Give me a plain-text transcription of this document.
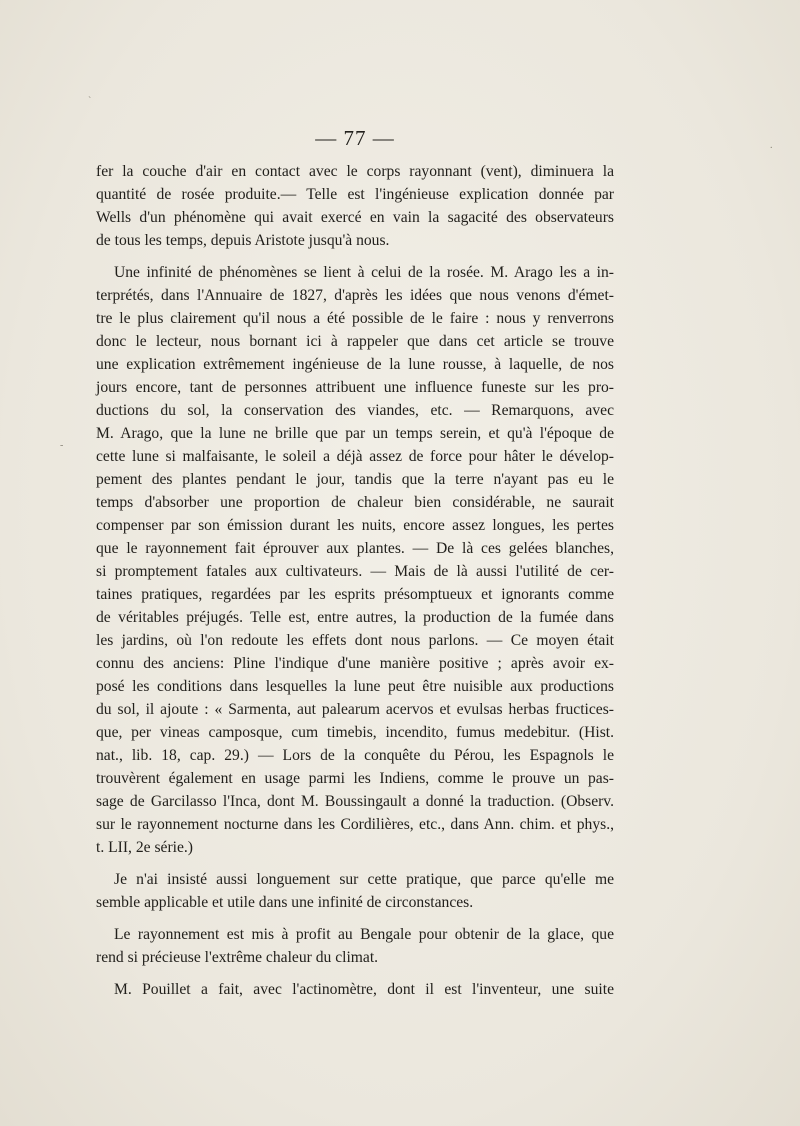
— 77 —
fer la couche d'air en contact avec le corps rayonnant (vent), diminuera la
quantité de rosée produite.— Telle est l'ingénieuse explication donnée par
Wells d'un phénomène qui avait exercé en vain la sagacité des observateurs
de tous les temps, depuis Aristote jusqu'à nous.
Une infinité de phénomènes se lient à celui de la rosée. M. Arago les a in-
terprétés, dans l'Annuaire de 1827, d'après les idées que nous venons d'émet-
tre le plus clairement qu'il nous a été possible de le faire : nous y renverrons
donc le lecteur, nous bornant ici à rappeler que dans cet article se trouve
une explication extrêmement ingénieuse de la lune rousse, à laquelle, de nos
jours encore, tant de personnes attribuent une influence funeste sur les pro-
ductions du sol, la conservation des viandes, etc. — Remarquons, avec
M. Arago, que la lune ne brille que par un temps serein, et qu'à l'époque de
cette lune si malfaisante, le soleil a déjà assez de force pour hâter le dévelop-
pement des plantes pendant le jour, tandis que la terre n'ayant pas eu le
temps d'absorber une proportion de chaleur bien considérable, ne saurait
compenser par son émission durant les nuits, encore assez longues, les pertes
que le rayonnement fait éprouver aux plantes. — De là ces gelées blanches,
si promptement fatales aux cultivateurs. — Mais de là aussi l'utilité de cer-
taines pratiques, regardées par les esprits présomptueux et ignorants comme
de véritables préjugés. Telle est, entre autres, la production de la fumée dans
les jardins, où l'on redoute les effets dont nous parlons. — Ce moyen était
connu des anciens: Pline l'indique d'une manière positive ; après avoir ex-
posé les conditions dans lesquelles la lune peut être nuisible aux productions
du sol, il ajoute : « Sarmenta, aut palearum acervos et evulsas herbas fructices-
que, per vineas camposque, cum timebis, incendito, fumus medebitur. (Hist.
nat., lib. 18, cap. 29.) — Lors de la conquête du Pérou, les Espagnols le
trouvèrent également en usage parmi les Indiens, comme le prouve un pas-
sage de Garcilasso l'Inca, dont M. Boussingault a donné la traduction. (Observ.
sur le rayonnement nocturne dans les Cordilières, etc., dans Ann. chim. et phys.,
t. LII, 2e série.)
Je n'ai insisté aussi longuement sur cette pratique, que parce qu'elle me
semble applicable et utile dans une infinité de circonstances.
Le rayonnement est mis à profit au Bengale pour obtenir de la glace, que
rend si précieuse l'extrême chaleur du climat.
M. Pouillet a fait, avec l'actinomètre, dont il est l'inventeur, une suite
`
-
.
